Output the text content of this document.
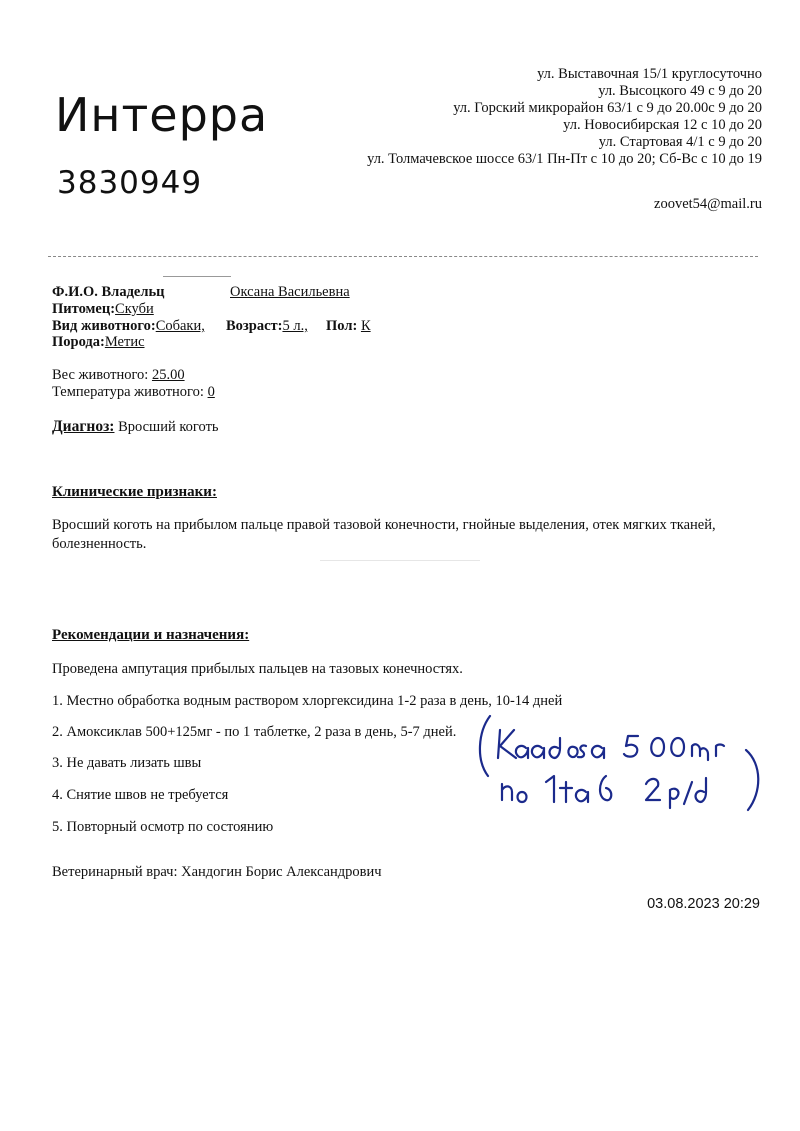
Интерра
3830949
ул. Выставочная 15/1 круглосуточно
ул. Высоцкого 49 с 9 до 20
ул. Горский микрорайон 63/1 с 9 до 20.00с 9 до 20
ул. Новосибирская 12 с 10 до 20
ул. Стартовая 4/1 с 9 до 20
ул. Толмачевское шоссе 63/1 Пн-Пт с 10 до 20; Сб-Вс с 10 до 19
zoovet54@mail.ru
Ф.И.О. Владельц	Оксана Васильевна
Питомец:Скуби
Вид животного:Собаки, Возраст:5 л., Пол: К
Порода:Метис
Вес животного: 25.00
Температура животного: 0
Диагноз: Вросший коготь
Клинические признаки:
Вросший коготь на прибылом пальце правой тазовой конечности, гнойные выделения, отек мягких тканей, болезненность.
Рекомендации и назначения:
Проведена ампутация прибылых пальцев на тазовых конечностях.
1. Местно обработка водным раствором хлоргексидина 1-2 раза в день, 10-14 дней
2. Амоксиклав 500+125мг - по 1 таблетке, 2 раза в день, 5-7 дней.
3. Не давать лизать швы
4. Снятие швов не требуется
5. Повторный осмотр по состоянию
Ветеринарный врач: Хандогин Борис Александрович
03.08.2023 20:29
